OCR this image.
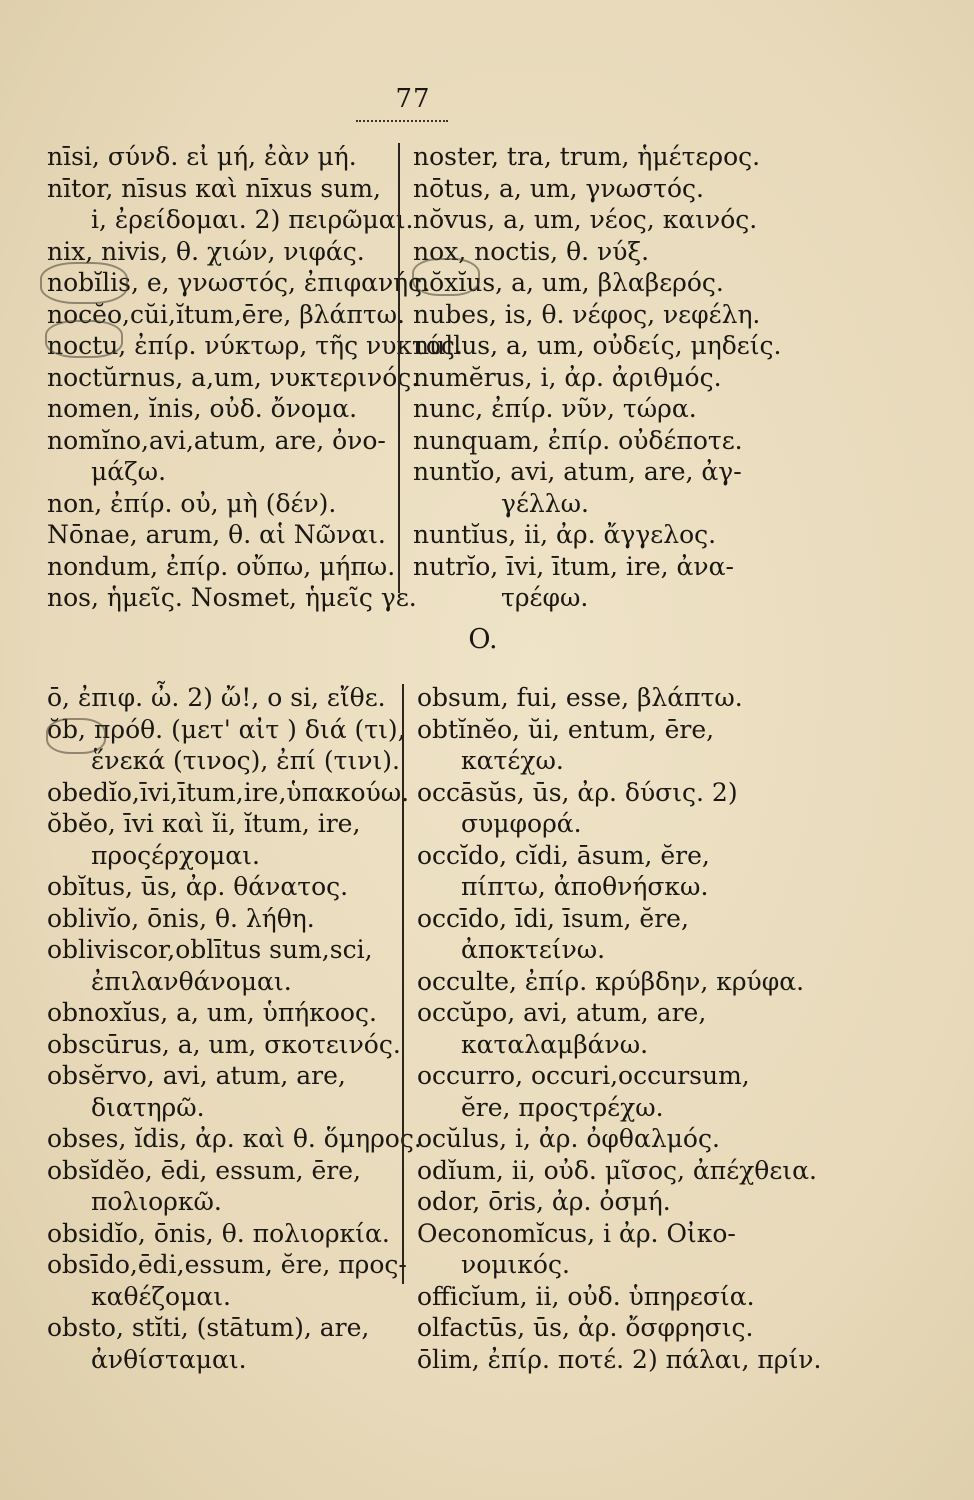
77
nīsi, σύνδ. εἰ μή, ἐὰν μή.
nītor, nīsus καὶ nīxus sum,
i, ἐρείδομαι. 2) πειρῶμαι.
nix, nivis, θ. χιών, νιφάς.
nobĭlis, e, γνωστός, ἐπιφανής.
nocĕo,cŭi,ĭtum,ēre, βλάπτω.
noctu, ἐπίρ. νύκτωρ, τῆς νυκτός.
noctŭrnus, a,um, νυκτερινός.
nomen, ĭnis, οὐδ. ὄνομα.
nomĭno,avi,atum, are, ὀνο-
μάζω.
non, ἐπίρ. οὐ, μὴ (δέν).
Nōnae, arum, θ. αἱ Νῶναι.
nondum, ἐπίρ. οὔπω, μήπω.
nos, ἡμεῖς. Nosmet, ἡμεῖς γε.
noster, tra, trum, ἡμέτερος.
nōtus, a, um, γνωστός.
nŏvus, a, um, νέος, καινός.
nox, noctis, θ. νύξ.
nŏxĭus, a, um, βλαβερός.
nubes, is, θ. νέφος, νεφέλη.
nullus, a, um, οὐδείς, μηδείς.
numĕrus, i, ἀρ. ἀριθμός.
nunc, ἐπίρ. νῦν, τώρα.
nunquam, ἐπίρ. οὐδέποτε.
nuntĭo, avi, atum, are, ἀγ-
γέλλω.
nuntĭus, ii, ἀρ. ἄγγελος.
nutrĭo, īvi, ītum, ire, ἀνα-
τρέφω.
O.
ō, ἐπιφ. ὦ. 2) ὤ!, o si, εἴθε.
ŏb, πρόθ. (μετ' αἰτ ) διά (τι),
ἕνεκά (τινος), ἐπί (τινι).
obedĭo,īvi,ītum,ire,ὑπακούω.
ŏbĕo, īvi καὶ ĭi, ĭtum, ire,
προςέρχομαι.
obĭtus, ūs, ἀρ. θάνατος.
oblivĭo, ōnis, θ. λήθη.
obliviscor,oblītus sum,sci,
ἐπιλανθάνομαι.
obnoxĭus, a, um, ὑπήκοος.
obscūrus, a, um, σκοτεινός.
obsĕrvo, avi, atum, are,
διατηρῶ.
obses, ĭdis, ἀρ. καὶ θ. ὅμηρος.
obsĭdĕo, ēdi, essum, ēre,
πολιορκῶ.
obsidĭo, ōnis, θ. πολιορκία.
obsīdo,ēdi,essum, ĕre, προς-
καθέζομαι.
obsto, stĭti, (stātum), are,
ἀνθίσταμαι.
obsum, fui, esse, βλάπτω.
obtĭnĕo, ŭi, entum, ēre,
κατέχω.
occāsŭs, ūs, ἀρ. δύσις. 2)
συμφορά.
occĭdo, cĭdi, āsum, ĕre,
πίπτω, ἀποθνήσκω.
occīdo, īdi, īsum, ĕre,
ἀποκτείνω.
occulte, ἐπίρ. κρύβδην, κρύφα.
occŭpo, avi, atum, are,
καταλαμβάνω.
occurro, occuri,occursum,
ĕre, προςτρέχω.
ocŭlus, i, ἀρ. ὀφθαλμός.
odĭum, ii, οὐδ. μῖσος, ἀπέχθεια.
odor, ōris, ἀρ. ὀσμή.
Oeconomĭcus, i ἀρ. Οἰκο-
νομικός.
officĭum, ii, οὐδ. ὑπηρεσία.
olfactūs, ūs, ἀρ. ὄσφρησις.
ōlim, ἐπίρ. ποτέ. 2) πάλαι, πρίν.
